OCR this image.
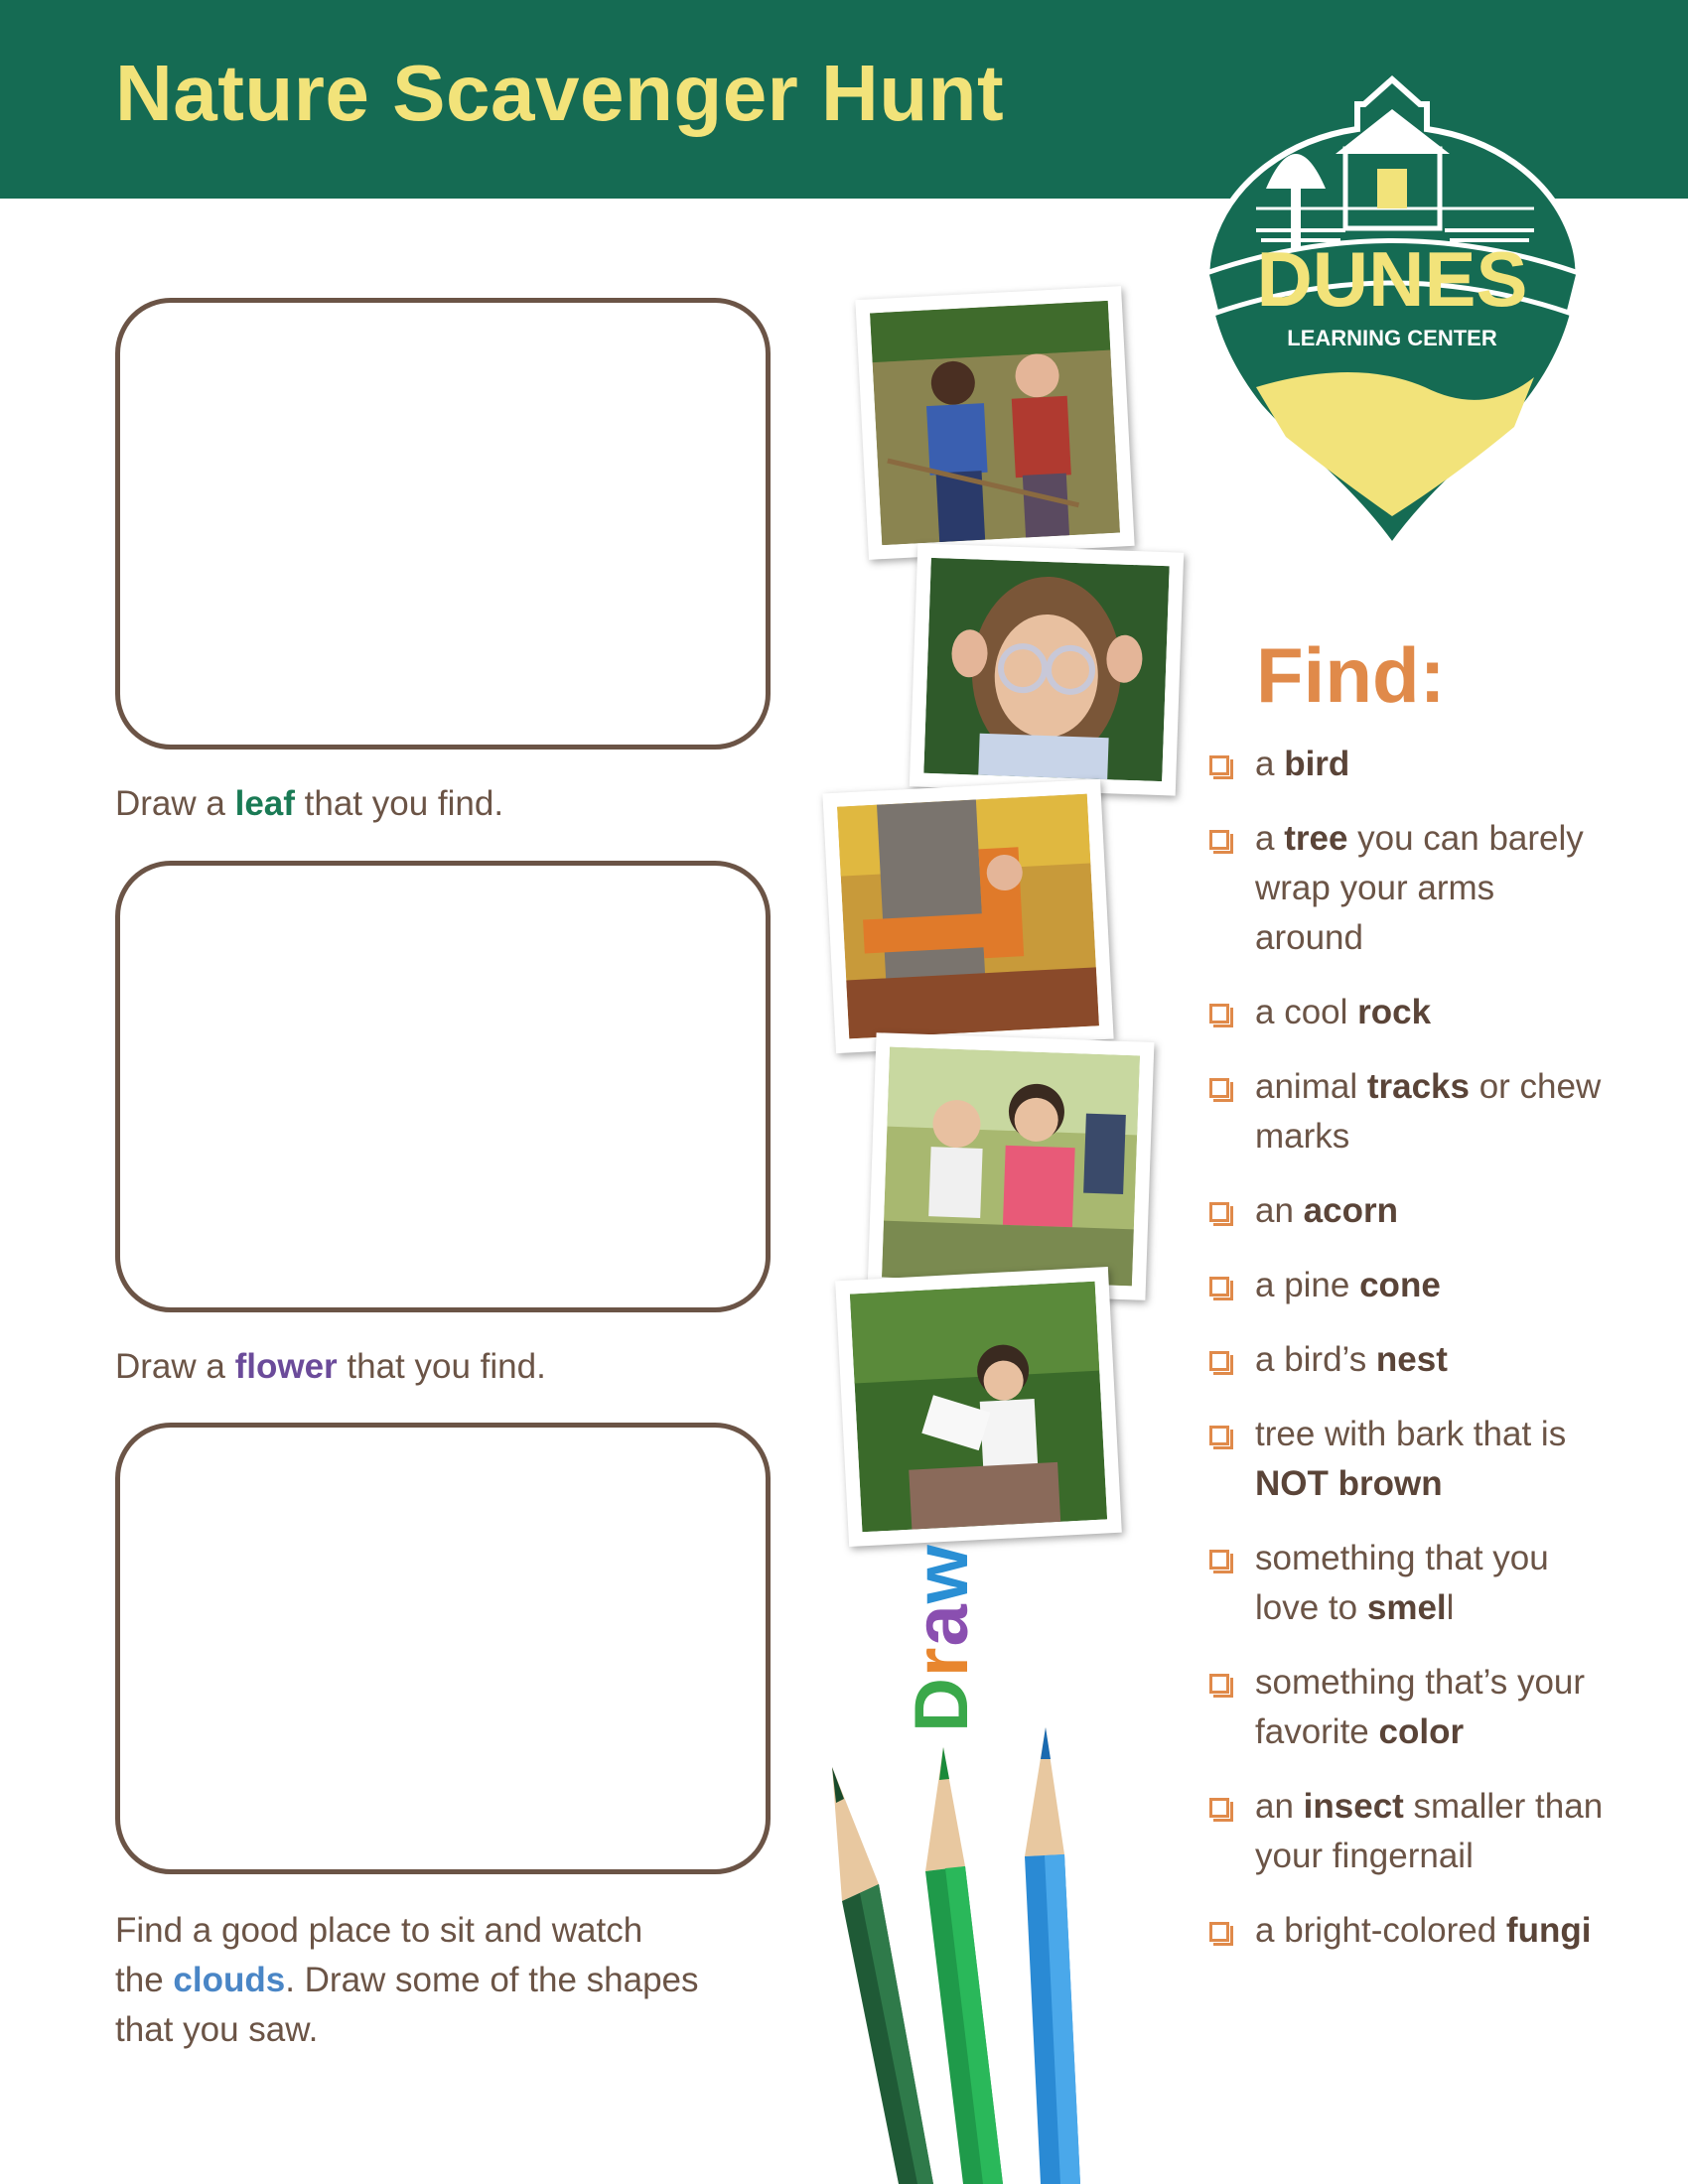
Nature Scavenger Hunt
DUNES
LEARNING CENTER
Draw a leaf that you find.
Draw a flower that you find.
Find a good place to sit and watch
the clouds. Draw some of the shapes
that you saw.
Draw
Find:
a bird
a tree you can barely wrap your arms around
a cool rock
animal tracks or chew marks
an acorn
a pine cone
a bird’s nest
tree with bark that is NOT brown
something that you love to smell
something that’s your favorite color
an insect smaller than your fingernail
a bright-colored fungi
